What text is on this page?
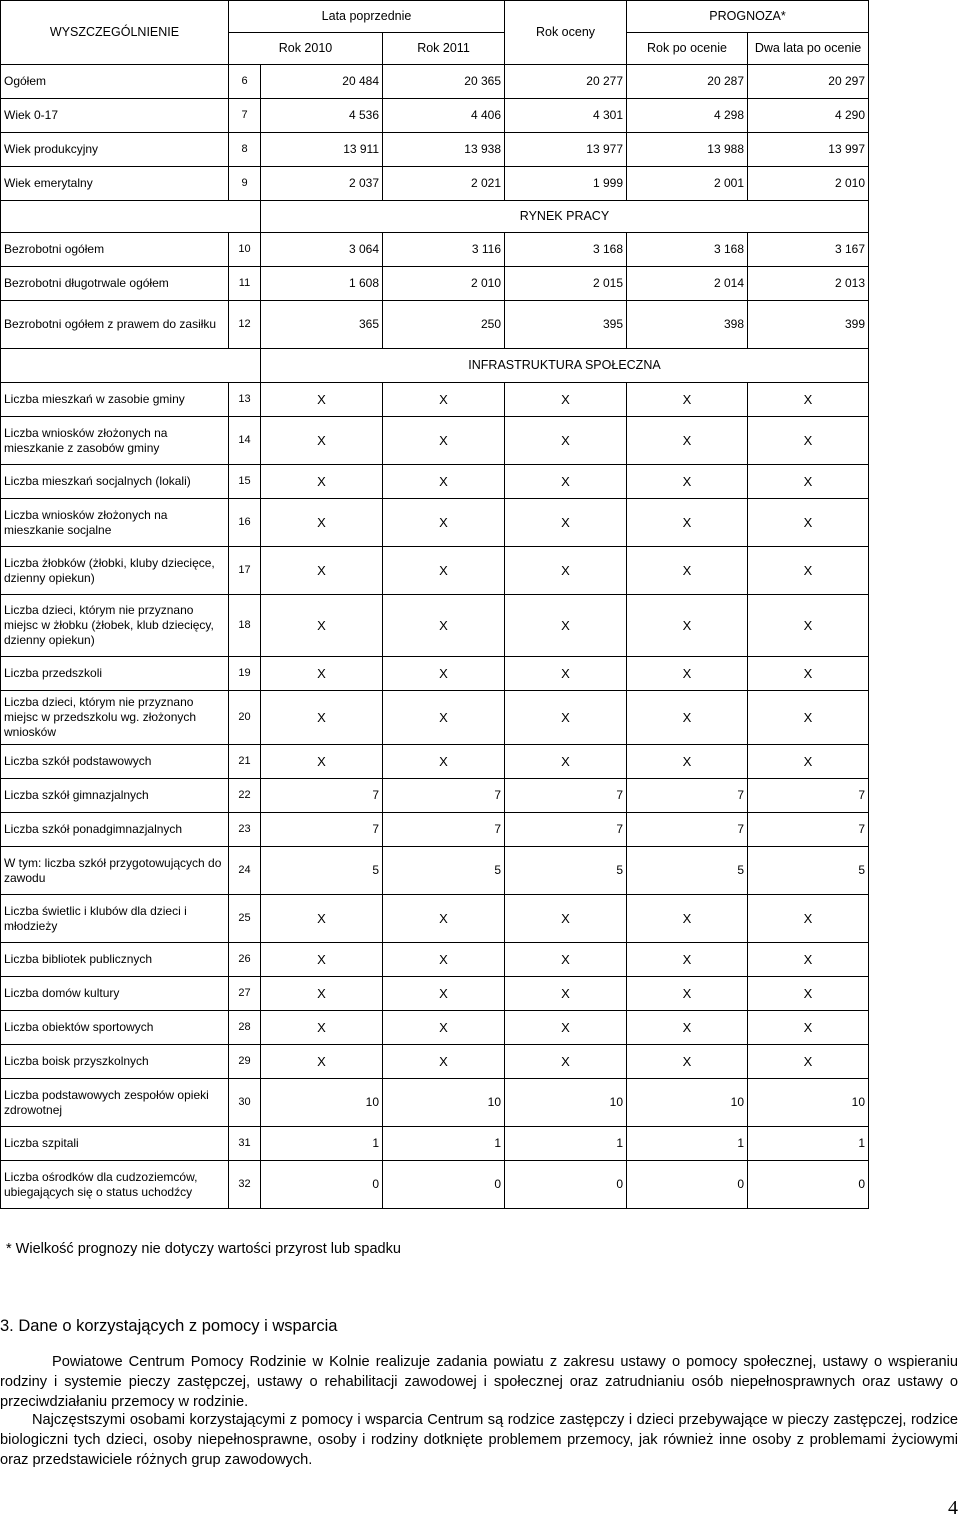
WYSZCZEGÓLNIENIE	Lata poprzednie			Rok oceny	PROGNOZA*	
	Rok 2010		Rok 2011		Rok po ocenie	Dwa lata po ocenie
Ogółem	6	20 484	20 365	20 277	20 287	20 297
Wiek 0-17	7	4 536	4 406	4 301	4 298	4 290
Wiek produkcyjny	8	13 911	13 938	13 977	13 988	13 997
Wiek emerytalny	9	2 037	2 021	1 999	2 001	2 010
		RYNEK PRACY				
Bezrobotni ogółem	10	3 064	3 116	3 168	3 168	3 167
Bezrobotni długotrwale ogółem	11	1 608	2 010	2 015	2 014	2 013
Bezrobotni ogółem z prawem do zasiłku	12	365	250	395	398	399
		INFRASTRUKTURA SPOŁECZNA				
Liczba mieszkań w zasobie gminy	13	X	X	X	X	X
Liczba wniosków złożonych na mieszkanie z zasobów gminy	14	X	X	X	X	X
Liczba mieszkań socjalnych (lokali)	15	X	X	X	X	X
Liczba wniosków złożonych na mieszkanie socjalne	16	X	X	X	X	X
Liczba żłobków (żłobki, kluby dziecięce, dzienny opiekun)	17	X	X	X	X	X
Liczba dzieci, którym nie przyznano miejsc w żłobku (żłobek, klub dziecięcy, dzienny opiekun)	18	X	X	X	X	X
Liczba przedszkoli	19	X	X	X	X	X
Liczba dzieci, którym nie przyznano miejsc w przedszkolu wg. złożonych wniosków	20	X	X	X	X	X
Liczba szkół podstawowych	21	X	X	X	X	X
Liczba szkół gimnazjalnych	22	7	7	7	7	7
Liczba szkół ponadgimnazjalnych	23	7	7	7	7	7
W tym: liczba szkół przygotowujących do zawodu	24	5	5	5	5	5
Liczba świetlic i klubów dla dzieci i młodzieży	25	X	X	X	X	X
Liczba bibliotek publicznych	26	X	X	X	X	X
Liczba domów kultury	27	X	X	X	X	X
Liczba obiektów sportowych	28	X	X	X	X	X
Liczba boisk przyszkolnych	29	X	X	X	X	X
Liczba podstawowych zespołów opieki zdrowotnej	30	10	10	10	10	10
Liczba szpitali	31	1	1	1	1	1
Liczba ośrodków dla cudzoziemców, ubiegających się o status uchodźcy	32	0	0	0	0	0
* Wielkość prognozy nie dotyczy wartości przyrost lub spadku
3. Dane o korzystających z pomocy i wsparcia
Powiatowe Centrum Pomocy Rodzinie w Kolnie realizuje zadania powiatu z zakresu ustawy o pomocy społecznej, ustawy o wspieraniu rodziny i systemie pieczy zastępczej, ustawy o rehabilitacji zawodowej i społecznej oraz zatrudnianiu osób niepełnosprawnych oraz ustawy o przeciwdziałaniu przemocy w rodzinie.
Najczęstszymi osobami korzystającymi z pomocy i wsparcia Centrum są rodzice zastępczy i dzieci przebywające w pieczy zastępczej, rodzice biologiczni tych dzieci, osoby niepełnosprawne, osoby i rodziny dotknięte problemem przemocy, jak również inne osoby z problemami życiowymi oraz przedstawiciele różnych grup zawodowych.
4
